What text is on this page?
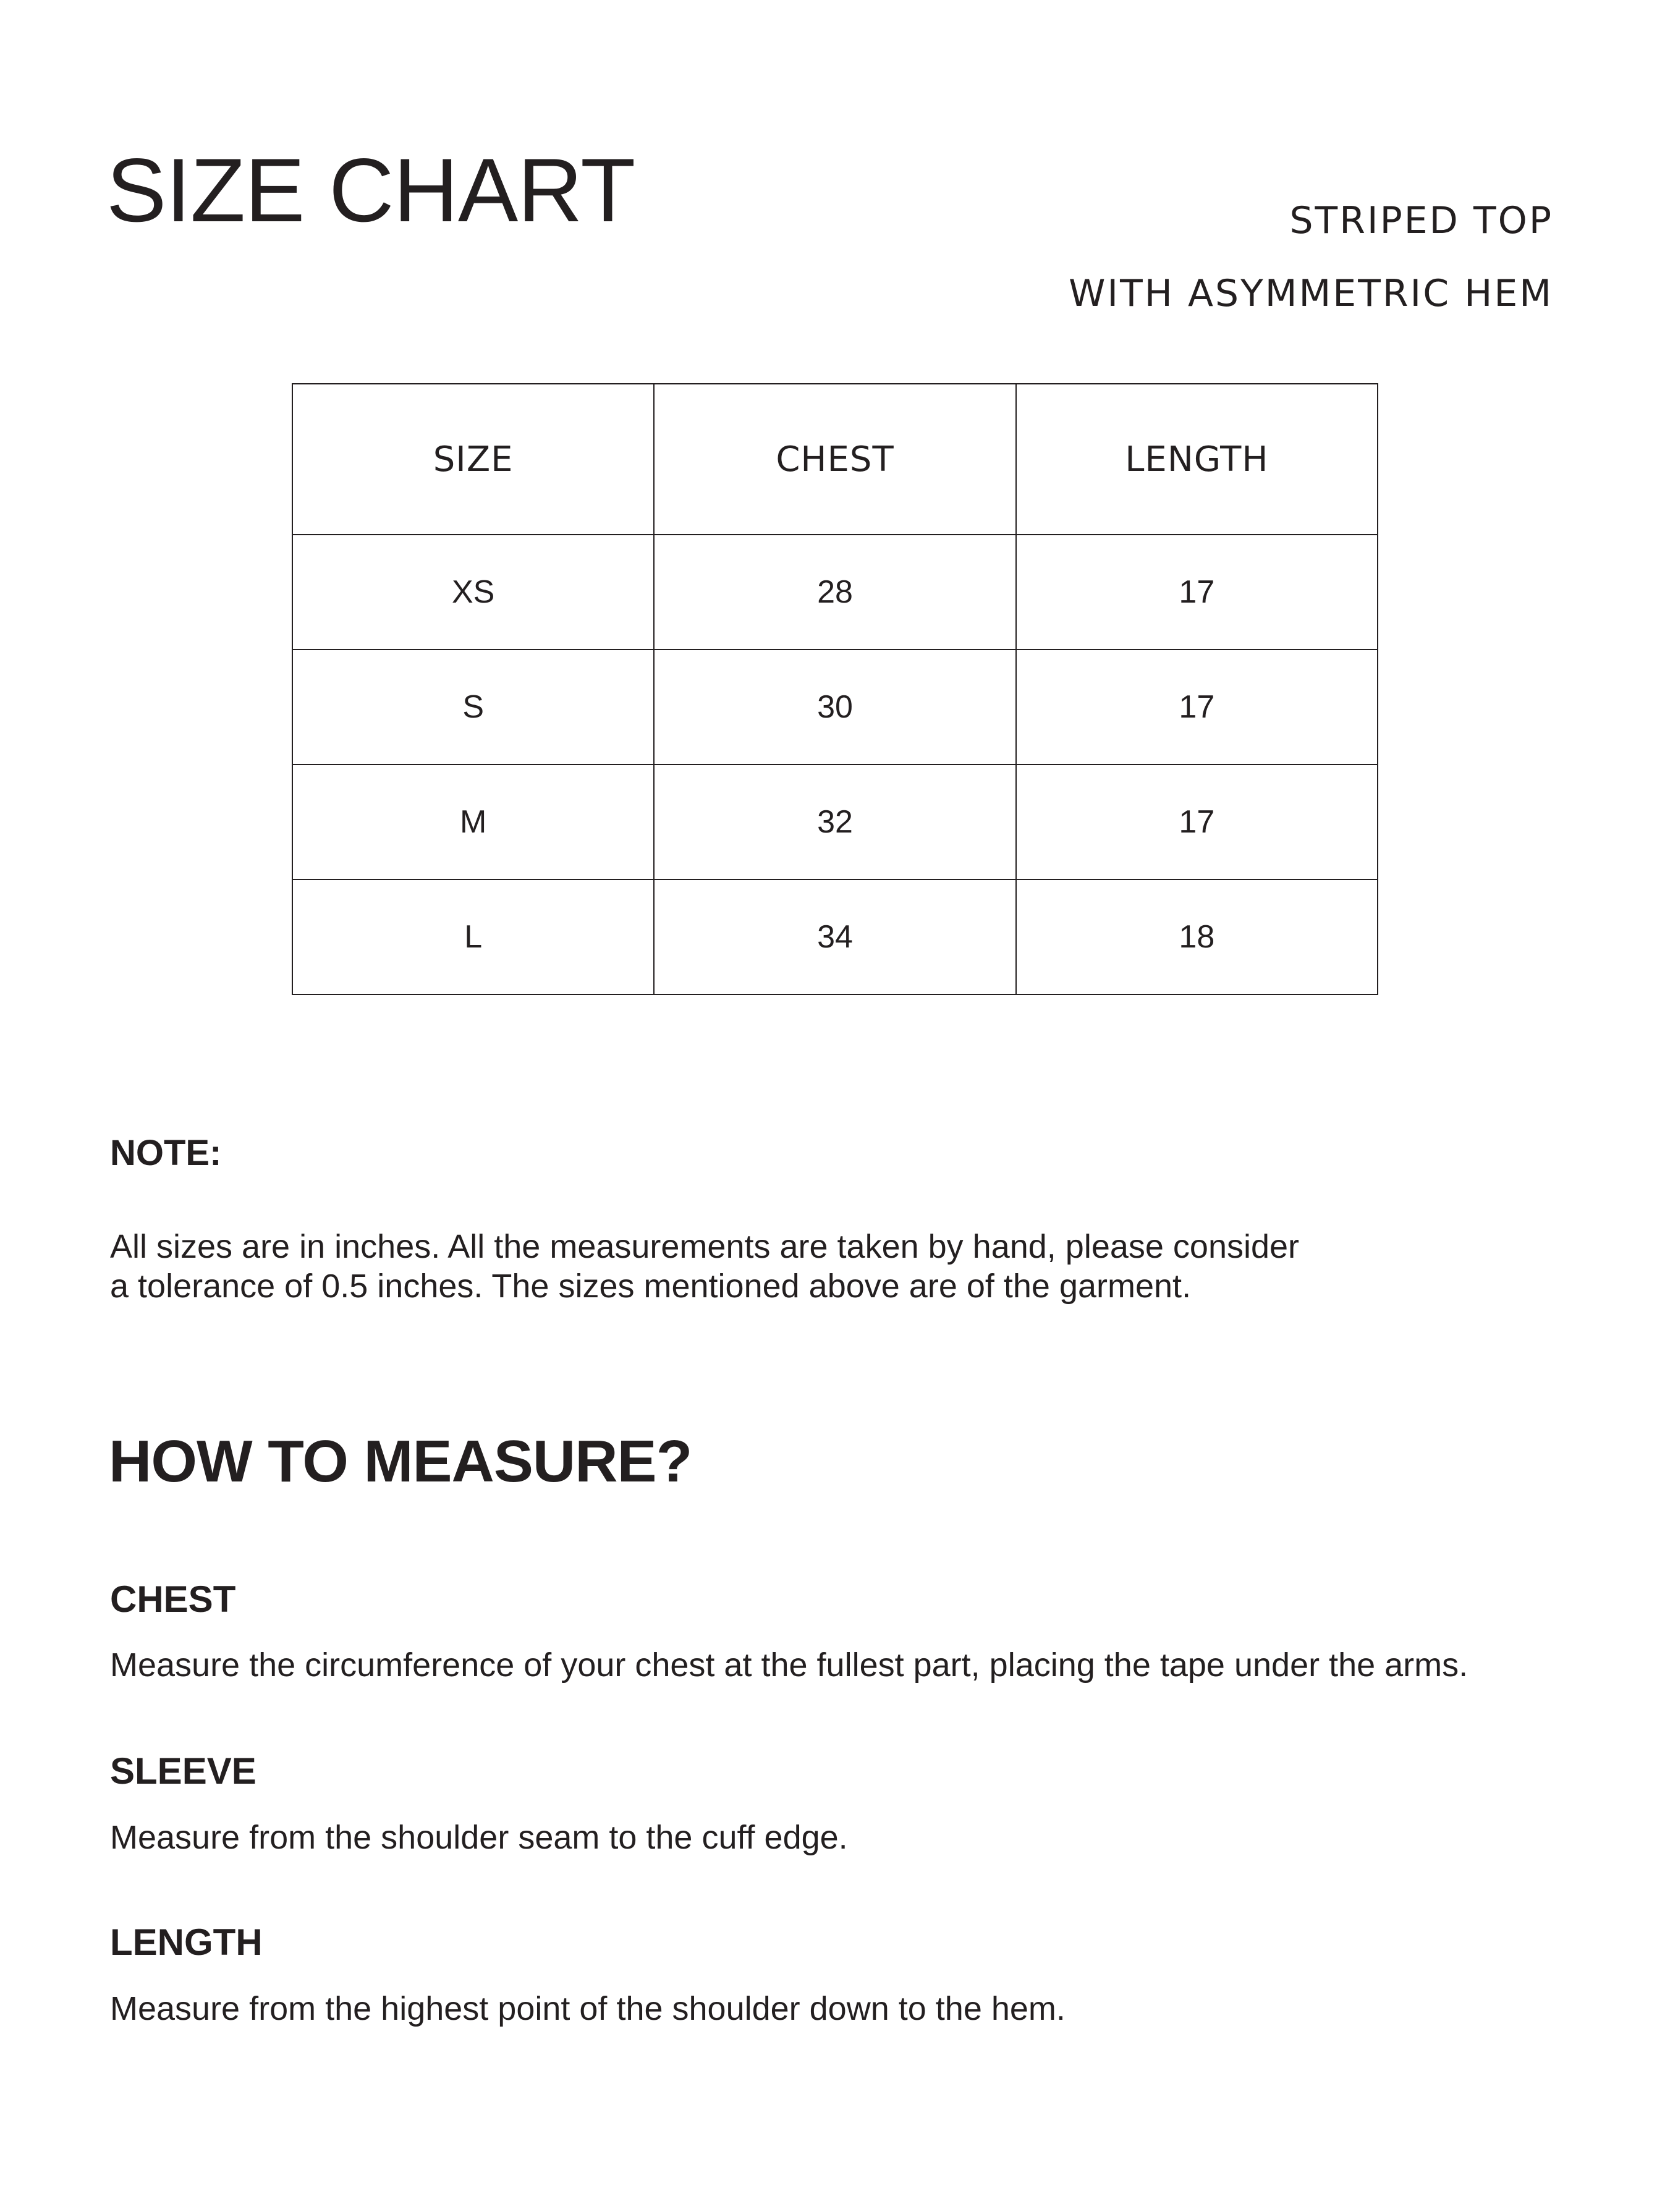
SIZE CHART	STRIPED TOP
WITH ASYMMETRIC HEM
SIZE	CHEST	LENGTH
XS	28	17
S	30	17
M	32	17
L	34	18
NOTE:

All sizes are in inches. All the measurements are taken by hand, please consider
a tolerance of 0.5 inches. The sizes mentioned above are of the garment.

HOW TO MEASURE?
CHEST

Measure the circumference of your chest at the fullest part, placing the tape under the arms.

SLEEVE

Measure from the shoulder seam to the cuff edge.

LENGTH

Measure from the highest point of the shoulder down to the hem.
